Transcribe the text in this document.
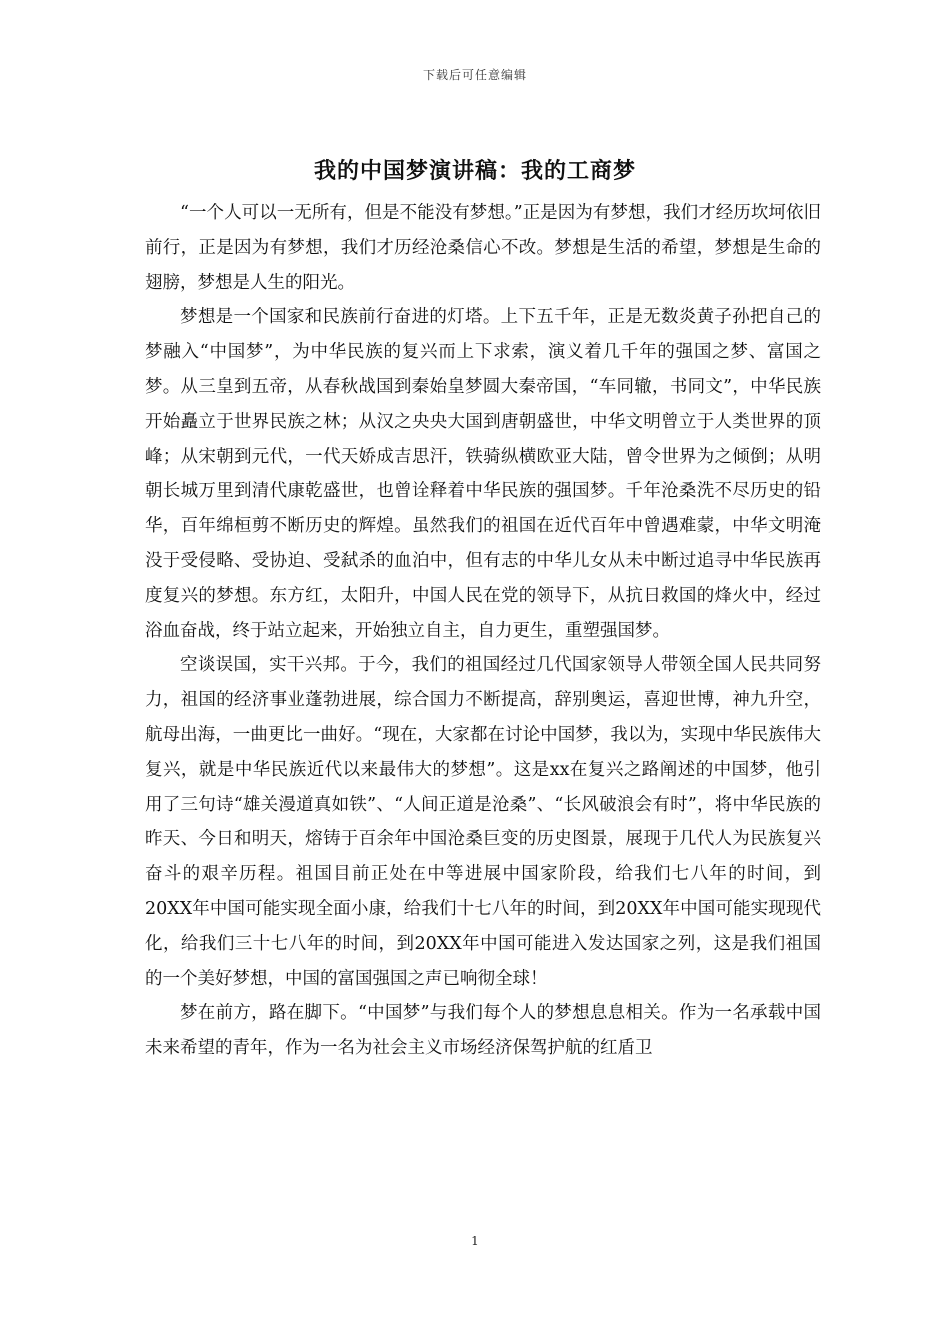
下载后可任意编辑
我的中国梦演讲稿：我的工商梦

“一个人可以一无所有，但是不能没有梦想。”正是因为有梦想，我们才经历坎坷依旧前行，正是因为有梦想，我们才历经沧桑信心不改。梦想是生活的希望，梦想是生命的翅膀，梦想是人生的阳光。

梦想是一个国家和民族前行奋进的灯塔。上下五千年，正是无数炎黄子孙把自己的梦融入“中国梦”，为中华民族的复兴而上下求索，演义着几千年的强国之梦、富国之梦。从三皇到五帝，从春秋战国到秦始皇梦圆大秦帝国，“车同辙，书同文”，中华民族开始矗立于世界民族之林；从汉之央央大国到唐朝盛世，中华文明曾立于人类世界的顶峰；从宋朝到元代，一代天娇成吉思汗，铁骑纵横欧亚大陆，曾令世界为之倾倒；从明朝长城万里到清代康乾盛世，也曾诠释着中华民族的强国梦。千年沧桑洗不尽历史的铅华，百年绵桓剪不断历史的辉煌。虽然我们的祖国在近代百年中曾遇难蒙，中华文明淹没于受侵略、受协迫、受弑杀的血泊中，但有志的中华儿女从未中断过追寻中华民族再度复兴的梦想。东方红，太阳升，中国人民在党的领导下，从抗日救国的烽火中，经过浴血奋战，终于站立起来，开始独立自主，自力更生，重塑强国梦。

空谈误国，实干兴邦。于今，我们的祖国经过几代国家领导人带领全国人民共同努力，祖国的经济事业蓬勃进展，综合国力不断提高，辞别奥运，喜迎世博，神九升空，航母出海，一曲更比一曲好。“现在，大家都在讨论中国梦，我以为，实现中华民族伟大复兴，就是中华民族近代以来最伟大的梦想”。这是xx在复兴之路阐述的中国梦，他引用了三句诗“雄关漫道真如铁”、“人间正道是沧桑”、“长风破浪会有时”，将中华民族的昨天、今日和明天，熔铸于百余年中国沧桑巨变的历史图景，展现于几代人为民族复兴奋斗的艰辛历程。祖国目前正处在中等进展中国家阶段，给我们七八年的时间，到20XX年中国可能实现全面小康，给我们十七八年的时间，到20XX年中国可能实现现代化，给我们三十七八年的时间，到20XX年中国可能进入发达国家之列，这是我们祖国的一个美好梦想，中国的富国强国之声已响彻全球！

梦在前方，路在脚下。“中国梦”与我们每个人的梦想息息相关。作为一名承载中国未来希望的青年，作为一名为社会主义市场经济保驾护航的红盾卫

1
